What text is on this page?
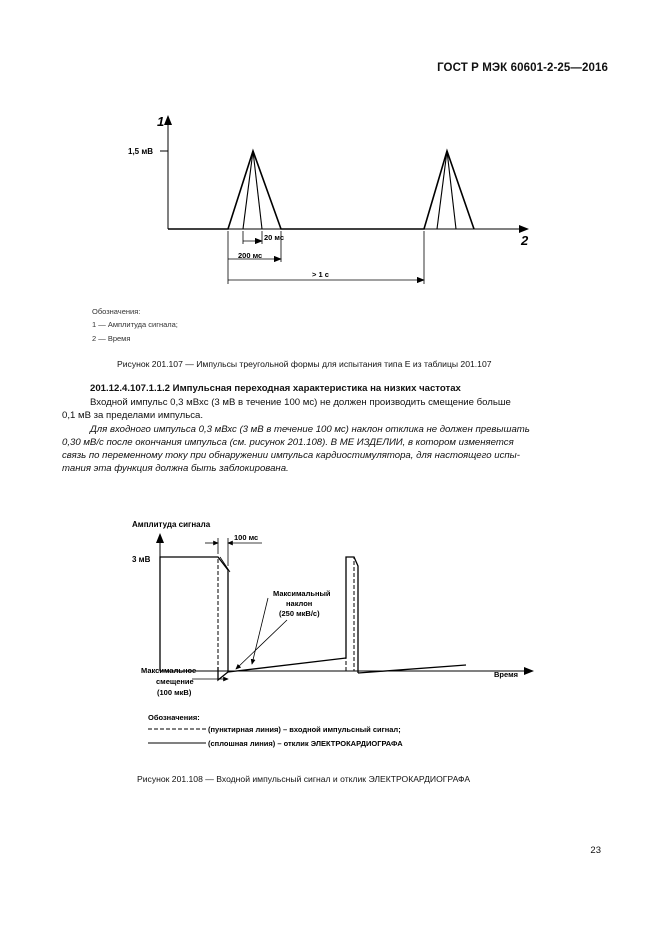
ГОСТ Р МЭК 60601-2-25—2016
1
2
1,5 мВ
20 мс
200 мс
> 1 с
Обозначения:
1 — Амплитуда сигнала;
2 — Время
Рисунок 201.107 — Импульсы треугольной формы для испытания типа Е из таблицы 201.107
201.12.4.107.1.1.2 Импульсная переходная характеристика на низких частотах
Входной импульс 0,3 мВхс (3 мВ в течение 100 мс) не должен производить смещение больше
0,1 мВ за пределами импульса.
Для входного импульса 0,3 мВхс (3 мВ в течение 100 мс) наклон отклика не должен превышать
0,30 мВ/с после окончания импульса (см. рисунок 201.108). В МЕ ИЗДЕЛИИ, в котором изменяется
связь по переменному току при обнаружении импульса кардиостимулятора, для настоящего испы-
тания эта функция должна быть заблокирована.
Амплитуда сигнала
Время
3 мВ
100 мс
Максимальный
наклон
(250 мкВ/с)
Максимальное
смещение
(100 мкВ)
Обозначения:
(пунктирная линия) – входной импульсный сигнал;
(сплошная линия) – отклик ЭЛЕКТРОКАРДИОГРАФА
Рисунок 201.108 — Входной импульсный сигнал и отклик ЭЛЕКТРОКАРДИОГРАФА
23
